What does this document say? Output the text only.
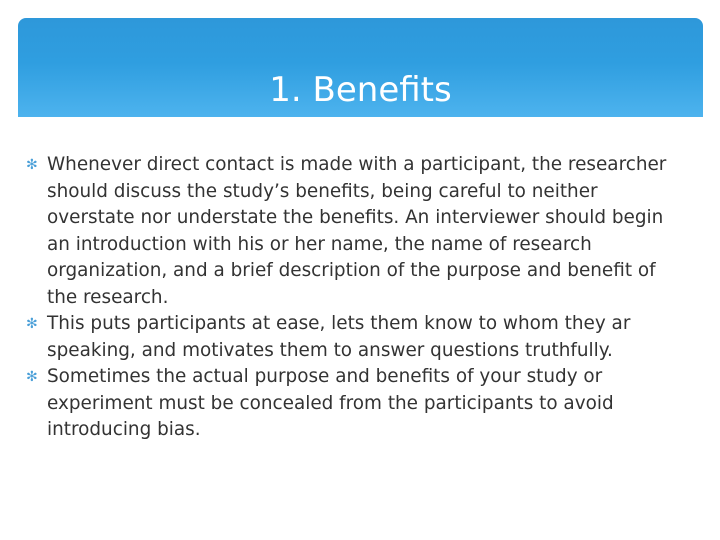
1. Benefits
✻ Whenever direct contact is made with a participant, the researcher should discuss the study’s benefits, being careful to neither overstate nor understate the benefits. An interviewer should begin an introduction with his or her name, the name of research organization, and a brief description of the purpose and benefit of the research.
✻ This puts participants at ease, lets them know to whom they ar speaking, and motivates them to answer questions truthfully.
✻ Sometimes the actual purpose and benefits of your study or experiment must be concealed from the participants to avoid introducing bias.
